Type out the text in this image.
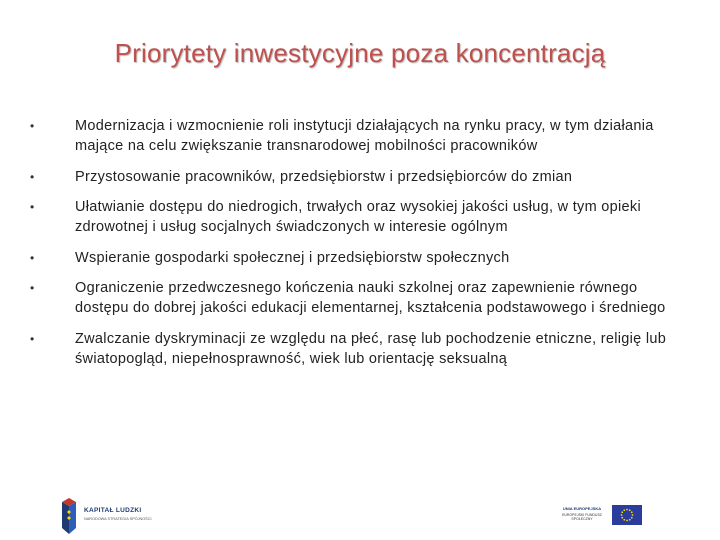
Priorytety inwestycyjne poza koncentracją
•	Modernizacja i wzmocnienie roli instytucji działających na rynku pracy, w tym działania mające na celu zwiększanie transnarodowej mobilności pracowników
•	Przystosowanie pracowników, przedsiębiorstw i przedsiębiorców do zmian
•	Ułatwianie dostępu do niedrogich, trwałych oraz wysokiej jakości usług, w tym opieki zdrowotnej i usług socjalnych świadczonych w interesie ogólnym
•	Wspieranie gospodarki społecznej i przedsiębiorstw społecznych
•	Ograniczenie przedwczesnego kończenia nauki szkolnej oraz zapewnienie równego dostępu do dobrej jakości edukacji elementarnej, kształcenia podstawowego i średniego
•	Zwalczanie dyskryminacji ze względu na płeć, rasę lub pochodzenie etniczne, religię lub światopogląd, niepełnosprawność, wiek lub orientację seksualną
KAPITAŁ LUDZKI
NARODOWA STRATEGIA SPÓJNOŚCI
UNIA EUROPEJSKA
EUROPEJSKI FUNDUSZ SPOŁECZNY
